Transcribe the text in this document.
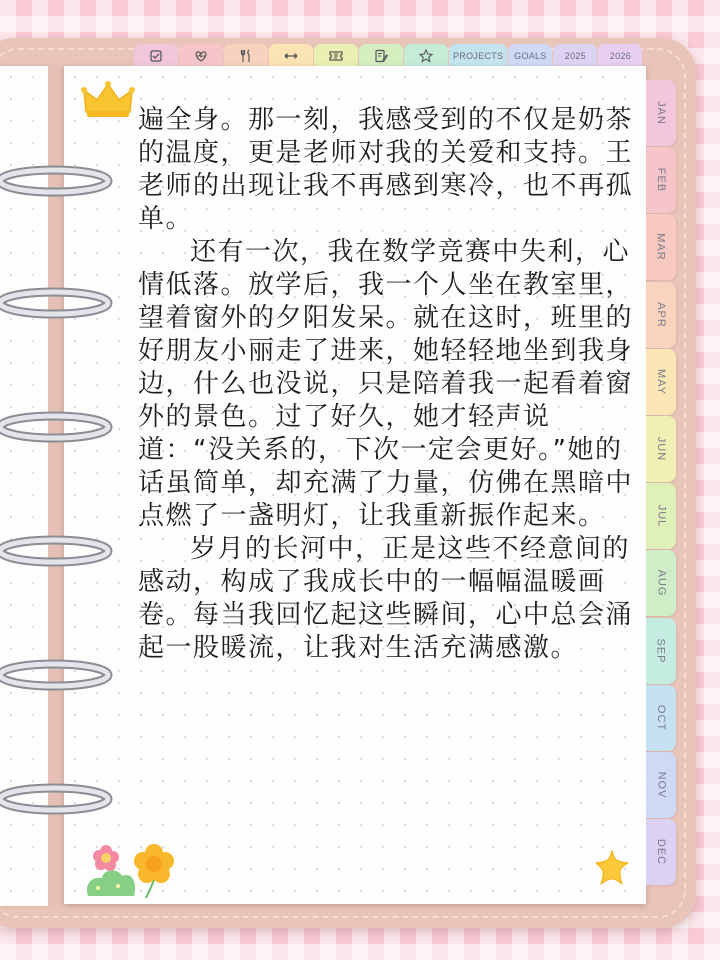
PROJECTS GOALS 2025	2026
JAN
FEB
MAR
APR
MAY
JUN
JUL
AUG
SEP
OCT
NOV
DEC

遍全身。那一刻，我感受到的不仅是奶茶的温度，更是老师对我的关爱和支持。王老师的出现让我不再感到寒冷，也不再孤单。

还有一次，我在数学竞赛中失利，心情低落。放学后，我一个人坐在教室里，望着窗外的夕阳发呆。就在这时，班里的好朋友小丽走了进来，她轻轻地坐到我身边，什么也没说，只是陪着我一起看着窗外的景色。过了好久，她才轻声说道：“没关系的，下次一定会更好。”她的话虽简单，却充满了力量，仿佛在黑暗中点燃了一盏明灯，让我重新振作起来。

岁月的长河中，正是这些不经意间的感动，构成了我成长中的一幅幅温暖画卷。每当我回忆起这些瞬间，心中总会涌起一股暖流，让我对生活充满感激。
